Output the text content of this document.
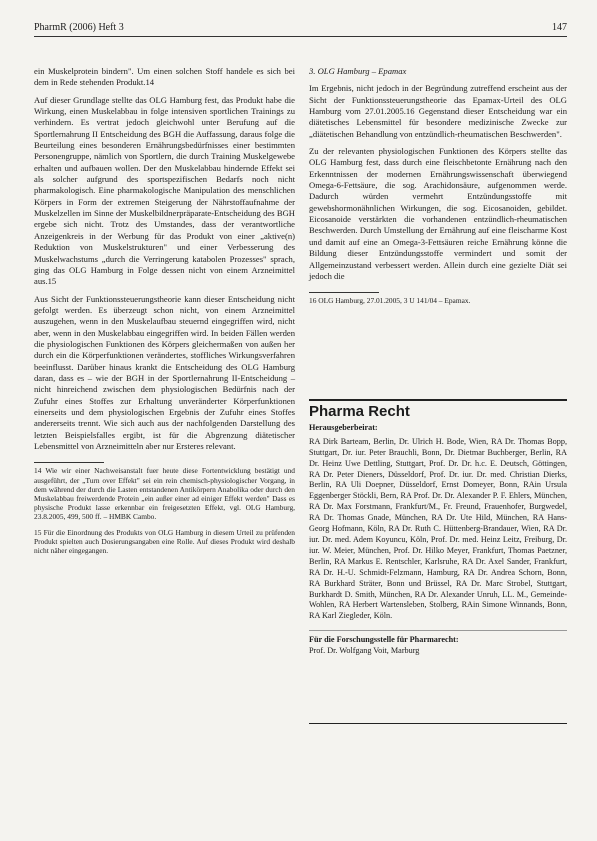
PharmR (2006) Heft 3	147

ein Muskelprotein bindern". Um einen solchen Stoff handele es sich bei dem in Rede stehenden Produkt.14

Auf dieser Grundlage stellte das OLG Hamburg fest, das Produkt habe die Wirkung, einen Muskelabbau in folge intensiven sportlichen Trainings zu verhindern. Es vertrat jedoch gleichwohl unter Berufung auf die Sportlernahrung II Entscheidung des BGH die Auffassung, daraus folge die Beurteilung eines besonderen Ernährungsbedürfnisses einer bestimmten Personengruppe, nämlich von Sportlern, die durch Training Muskelgewebe erhalten und aufbauen wollen. Der den Muskelabbau hindernde Effekt sei als solcher aufgrund des sportspezifischen Bedarfs noch nicht pharmakologisch. Eine pharmakologische Manipulation des menschlichen Körpers in Form der extremen Steigerung der Nährstoffaufnahme der Muskelzellen im Sinne der Muskelbildnerpräparate-Entscheidung des BGH ergebe sich nicht. Trotz des Umstandes, dass der verantwortliche Anzeigenkreis in der Werbung für das Produkt von einer „aktive(n) Reduktion von Muskelstrukturen" und einer Verbesserung des Muskelwachstums „durch die Verringerung katabolen Prozesses" sprach, ging das OLG Hamburg in Folge dessen nicht von einem Arzneimittel aus.15

Aus Sicht der Funktionssteuerungstheorie kann dieser Entscheidung nicht gefolgt werden. Es überzeugt schon nicht, von einem Arzneimittel auszugehen, wenn in den Muskelaufbau steuernd eingegriffen wird, nicht aber, wenn in den Muskelabbau eingegriffen wird. In beiden Fällen werden die physiologischen Funktionen des Körpers gleichermaßen von außen her durch ein die Körperfunktionen verändertes, stoffliches Wirkungsverfahren beeinflusst. Darüber hinaus krankt die Entscheidung des OLG Hamburg daran, dass es – wie der BGH in der Sportlernahrung II-Entscheidung – nicht hinreichend zwischen dem physiologischen Bedürfnis nach der Zufuhr eines Stoffes zur Erhaltung unveränderter Körperfunktionen einerseits und dem physiologischen Ergebnis der Zufuhr eines Stoffes andererseits trennt. Wie sich auch aus der nachfolgenden Darstellung des letzten Beispielsfalles ergibt, ist für die Abgrenzung diätetischer Lebensmittel von Arzneimitteln aber nur Ersteres relevant.

14 Wie wir einer Nachweisanstalt fuer heute diese Fortentwicklung bestätigt und ausgeführt, der „Turn over Effekt" sei ein rein chemisch-physiologischer Vorgang, in dem während der durch die Lasten entstandenen Antikörpern Anabolika oder durch den Muskelabbau freiwerdende Protein „ein außer einer ad einiger Effekt werden" Dass es physische Produkt lasse erkennbar ein freigesetzten Effekt, vgl. OLG Hamburg, 23.8.2005, 499, 500 ff. – HMBK Cambo.

15 Für die Einordnung des Produkts von OLG Hamburg in diesem Urteil zu prüfenden Produkt spielten auch Dosierungsangaben eine Rolle. Auf dieses Produkt wird deshalb nicht näher eingegangen.

3. OLG Hamburg – Epamax

Im Ergebnis, nicht jedoch in der Begründung zutreffend erscheint aus der Sicht der Funktionssteuerungstheorie das Epamax-Urteil des OLG Hamburg vom 27.01.2005.16 Gegenstand dieser Entscheidung war ein diätetisches Lebensmittel für besondere medizinische Zwecke zur „diätetischen Behandlung von entzündlich-rheumatischen Beschwerden".

Zu der relevanten physiologischen Funktionen des Körpers stellte das OLG Hamburg fest, dass durch eine fleischbetonte Ernährung nach den Erkenntnissen der modernen Ernährungswissenschaft überwiegend Omega-6-Fettsäure, die sog. Arachidonsäure, aufgenommen werde. Dadurch würden vermehrt Entzündungsstoffe mit gewebshormonähnlichen Wirkungen, die sog. Eicosanoiden, gebildet. Eicosanoide verstärkten die vorhandenen entzündlich-rheumatischen Beschwerden. Durch Umstellung der Ernährung auf eine fleischarme Kost und damit auf eine an Omega-3-Fettsäuren reiche Ernährung könne die Bildung dieser Entzündungsstoffe vermindert und somit der Allgemeinzustand verbessert werden. Allein durch eine gezielte Diät sei jedoch die

16 OLG Hamburg, 27.01.2005, 3 U 141/04 – Epamax.

Pharma Recht
Herausgeberbeirat:
RA Dirk Barteam, Berlin, Dr. Ulrich H. Bode, Wien, RA Dr. Thomas Bopp, Stuttgart, Dr. iur. Peter Brauchli, Bonn, Dr. Dietmar Buchberger, Berlin, RA Dr. Heinz Uwe Dettling, Stuttgart, Prof. Dr. Dr. h.c. E. Deutsch, Göttingen, RA Dr. Peter Dieners, Düsseldorf, Prof. Dr. iur. Dr. med. Christian Dierks, Berlin, RA Uli Doepner, Düsseldorf, Ernst Domeyer, Bonn, RAin Ursula Eggenberger Stöckli, Bern, RA Prof. Dr. Dr. Alexander P. F. Ehlers, München, RA Dr. Max Forstmann, Frankfurt/M., Fr. Freund, Frauenhofer, Burgwedel, RA Dr. Thomas Gnade, München, RA Dr. Ute Hild, München, RA Hans-Georg Hofmann, Köln, RA Dr. Ruth C. Hüttenberg-Brandauer, Wien, RA Dr. iur. Dr. med. Adem Koyuncu, Köln, Prof. Dr. med. Heinz Leitz, Freiburg, Dr. iur. W. Meier, München, Prof. Dr. Hilko Meyer, Frankfurt, Thomas Paetzner, Berlin, RA Markus E. Rentschler, Karlsruhe, RA Dr. Axel Sander, Frankfurt, RA Dr. H.-U. Schmidt-Felzmann, Hamburg, RA Dr. Andrea Schorn, Bonn, RA Burkhard Sträter, Bonn und Brüssel, RA Dr. Marc Strobel, Stuttgart, Burkhardt D. Smith, München, RA Dr. Alexander Unruh, LL. M., Gemeinde-Wohlen, RA Herbert Wartensleben, Stolberg, RAin Simone Winnands, Bonn, RA Karl Ziegleder, Köln.
Für die Forschungsstelle für Pharmarecht:
Prof. Dr. Wolfgang Voit, Marburg
